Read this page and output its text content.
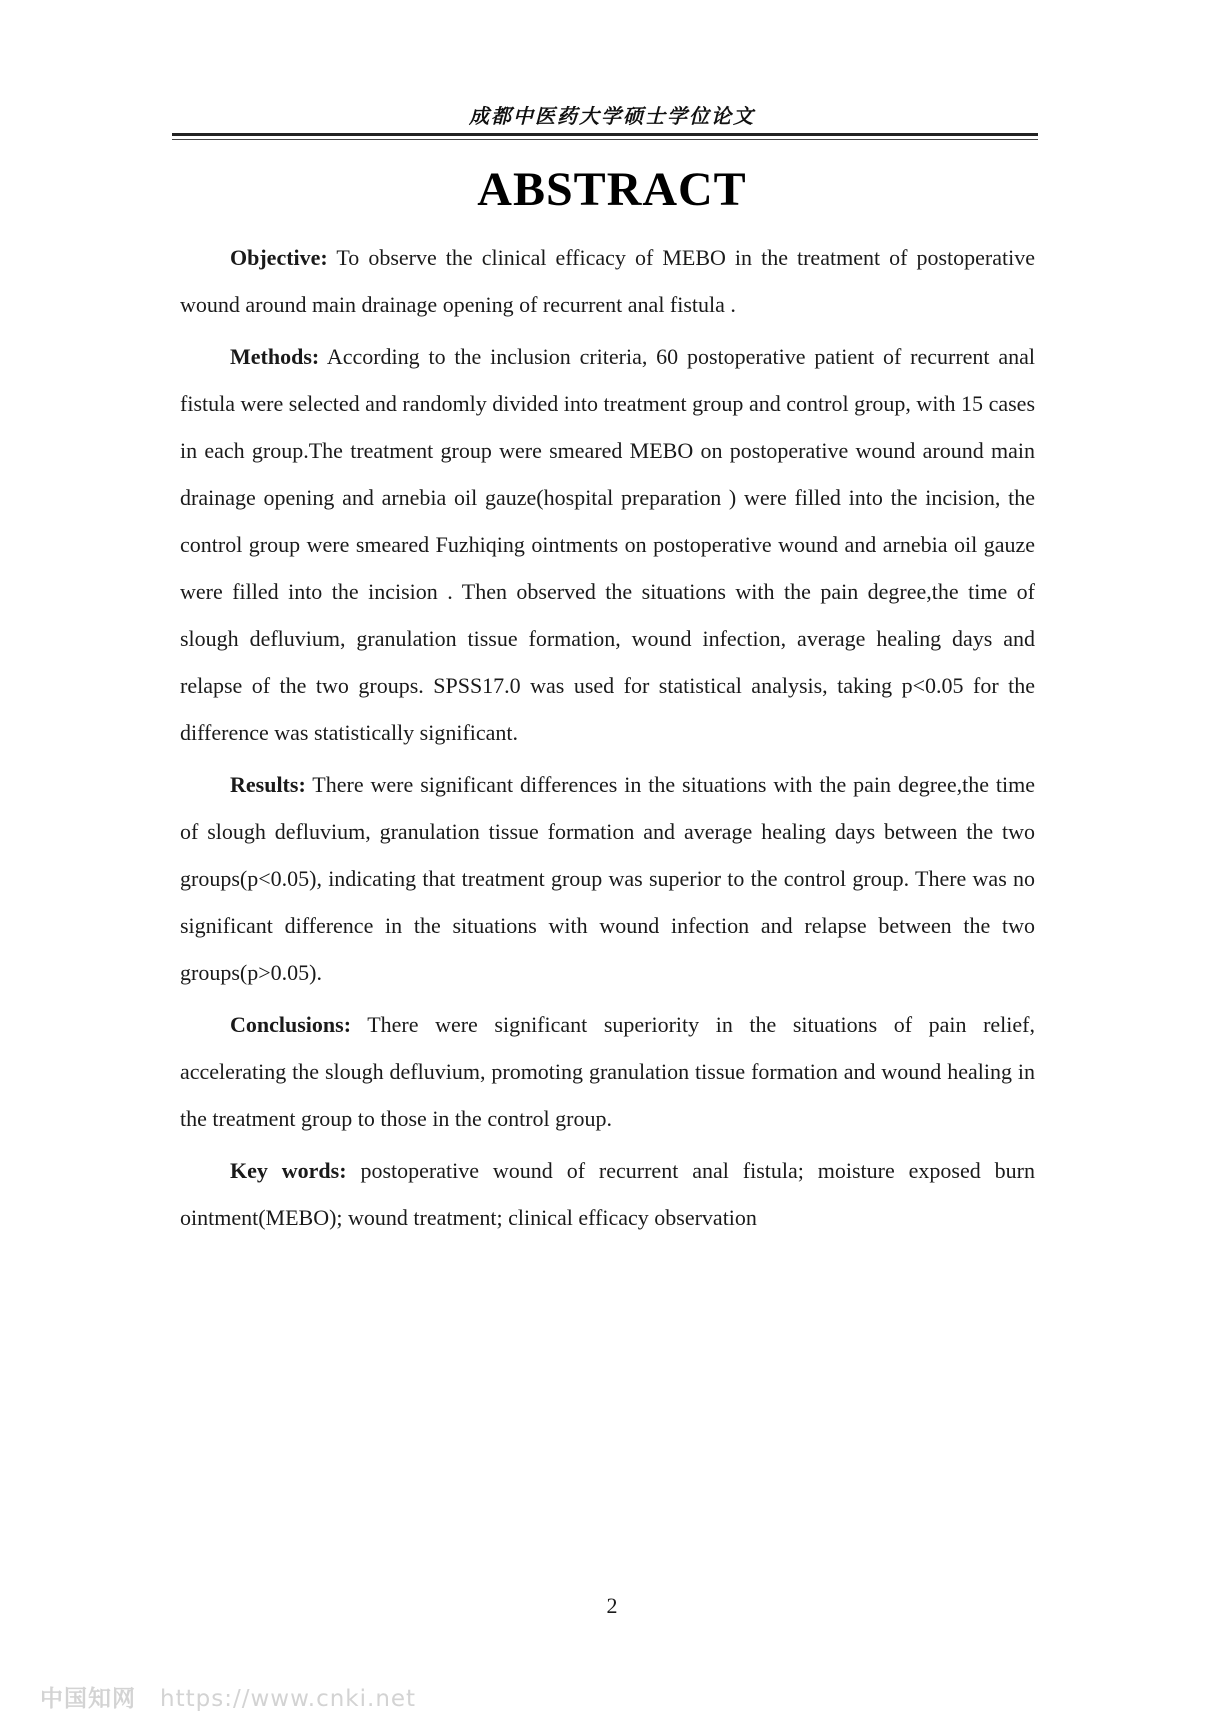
成都中医药大学硕士学位论文
ABSTRACT

Objective: To observe the clinical efficacy of MEBO in the treatment of postoperative wound around main drainage opening of recurrent anal fistula .

Methods: According to the inclusion criteria, 60 postoperative patient of recurrent anal fistula were selected and randomly divided into treatment group and control group, with 15 cases in each group.The treatment group were smeared MEBO on postoperative wound around main drainage opening and arnebia oil gauze(hospital preparation ) were filled into the incision, the control group were smeared Fuzhiqing ointments on postoperative wound and arnebia oil gauze were filled into the incision . Then observed the situations with the pain degree,the time of slough defluvium, granulation tissue formation, wound infection, average healing days and relapse of the two groups. SPSS17.0 was used for statistical analysis, taking p<0.05 for the difference was statistically significant.

Results: There were significant differences in the situations with the pain degree,the time of slough defluvium, granulation tissue formation and average healing days between the two groups(p<0.05), indicating that treatment group was superior to the control group. There was no significant difference in the situations with wound infection and relapse between the two groups(p>0.05).

Conclusions: There were significant superiority in the situations of pain relief, accelerating the slough defluvium, promoting granulation tissue formation and wound healing in the treatment group to those in the control group.

Key words: postoperative wound of recurrent anal fistula; moisture exposed burn ointment(MEBO); wound treatment; clinical efficacy observation

2
中国知网 https://www.cnki.net
